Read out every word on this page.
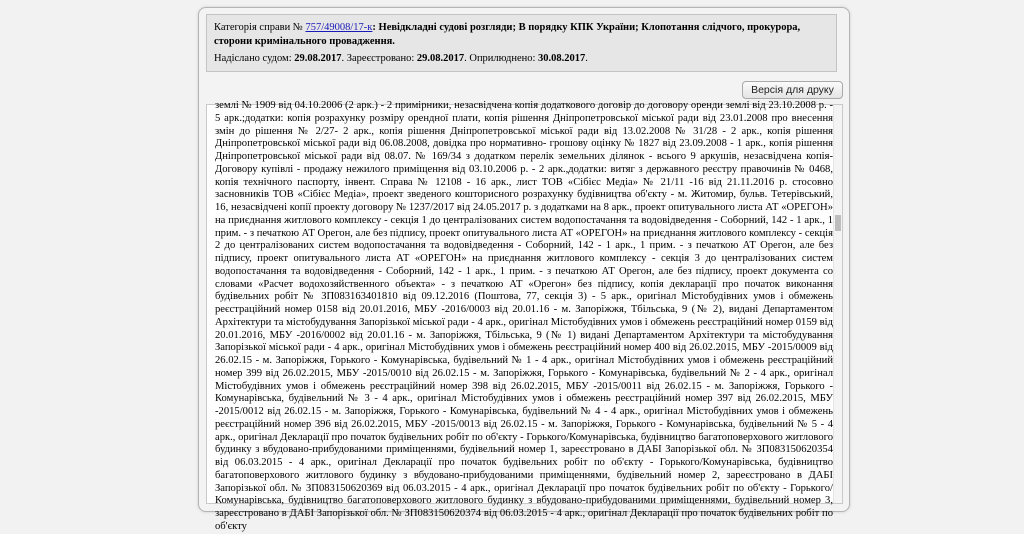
Категорія справи № 757/49008/17-к: Невідкладні судові розгляди; В порядку КПК України; Клопотання слідчого, прокурора, сторони кримінального провадження.
Надіслано судом: 29.08.2017. Зареєстровано: 29.08.2017. Оприлюднено: 30.08.2017.
Версія для друку
землі № 1909 від 04.10.2006 (2 арк.) - 2 примірники, незасвідчена копія додаткового договір до договору оренди землі від 23.10.2008 р. - 5 арк.;додатки: копія розрахунку розміру орендної плати, копія рішення Дніпропетровської міської ради від 23.01.2008 про внесення змін до рішення № 2/27- 2 арк., копія рішення Дніпропетровської міської ради від 13.02.2008 № 31/28 - 2 арк., копія рішення Дніпропетровської міської ради від 06.08.2008, довідка про нормативно- грошову оцінку № 1827 від 23.09.2008 - 1 арк., копія рішення Дніпропетровської міської ради від 08.07. № 169/34 з додатком перелік земельних ділянок - всього 9 аркушів, незасвідчена копія-Договору купівлі - продажу нежилого приміщення від 03.10.2006 р. - 2 арк.,додатки: витяг з державного реєстру правочинів № 0468, копія технічного паспорту, інвент. Справа № 12108 - 16 арк., лист ТОВ «Сібієс Медіа» № 21/11 -16 від 21.11.2016 р. стосовно засновників ТОВ «Сібієс Медіа», проект зведеного кошторисного розрахунку будівництва об'єкту - м. Житомир, бульв. Тетерівський, 16, незасвідчені копії проекту договору № 1237/2017 від 24.05.2017 р. з додатками на 8 арк., проект опитувального листа АТ «ОРЕГОН» на приєднання житлового комплексу - секція 1 до централізованих систем водопостачання та водовідведення - Соборний, 142 - 1 арк., 1 прим. - з печаткою АТ Орегон, але без підпису, проект опитувального листа АТ «ОРЕГОН» на приєднання житлового комплексу - секція 2 до централізованих систем водопостачання та водовідведення - Соборний, 142 - 1 арк., 1 прим. - з печаткою АТ Орегон, але без підпису, проект опитувального листа АТ «ОРЕГОН» на приєднання житлового комплексу - секція 3 до централізованих систем водопостачання та водовідведення - Соборний, 142 - 1 арк., 1 прим. - з печаткою АТ Орегон, але без підпису, проект документа со словами «Расчет водохозяйственного объекта» - з печаткою АТ «Орегон» без підпису, копія декларації про початок виконання будівельних робіт № ЗП083163401810 від 09.12.2016 (Поштова, 77, секція 3) - 5 арк., оригінал Містобудівних умов і обмежень реєстраційний номер 0158 від 20.01.2016, МБУ -2016/0003 від 20.01.16 - м. Запоріжжя, Тбільська, 9 (№ 2), видані Департаментом Архітектури та містобудування Запорізької міської ради - 4 арк., оригінал Містобудівних умов і обмежень реєстраційний номер 0159 від 20.01.2016, МБУ -2016/0002 від 20.01.16 - м. Запоріжжя, Тбільська, 9 (№ 1) видані Департаментом Архітектури та містобудування Запорізької міської ради - 4 арк., оригінал Містобудівних умов і обмежень реєстраційний номер 400 від 26.02.2015, МБУ -2015/0009 від 26.02.15 - м. Запоріжжя, Горького - Комунарівська, будівельний № 1 - 4 арк., оригінал Містобудівних умов і обмежень реєстраційний номер 399 від 26.02.2015, МБУ -2015/0010 від 26.02.15 - м. Запоріжжя, Горького - Комунарівська, будівельний № 2 - 4 арк., оригінал Містобудівних умов і обмежень реєстраційний номер 398 від 26.02.2015, МБУ -2015/0011 від 26.02.15 - м. Запоріжжя, Горького - Комунарівська, будівельний № 3 - 4 арк., оригінал Містобудівних умов і обмежень реєстраційний номер 397 від 26.02.2015, МБУ -2015/0012 від 26.02.15 - м. Запоріжжя, Горького - Комунарівська, будівельний № 4 - 4 арк., оригінал Містобудівних умов і обмежень реєстраційний номер 396 від 26.02.2015, МБУ -2015/0013 від 26.02.15 - м. Запоріжжя, Горького - Комунарівська, будівельний № 5 - 4 арк., оригінал Декларації про початок будівельних робіт по об'єкту - Горького/Комунарівська, будівництво багатоповерхового житлового будинку з вбудовано-прибудованими приміщеннями, будівельний номер 1, зареєстровано в ДАБІ Запорізької обл. № ЗП083150620354 від 06.03.2015 - 4 арк., оригінал Декларації про початок будівельних робіт по об'єкту - Горького/Комунарівська, будівництво багатоповерхового житлового будинку з вбудовано-прибудованими приміщеннями, будівельний номер 2, зареєстровано в ДАБІ Запорізької обл. № ЗП083150620369 від 06.03.2015 - 4 арк., оригінал Декларації про початок будівельних робіт по об'єкту - Горького/Комунарівська, будівництво багатоповерхового житлового будинку з вбудовано-прибудованими приміщеннями, будівельний номер 3, зареєстровано в ДАБІ Запорізької обл. № ЗП083150620374 від 06.03.2015 - 4 арк., оригінал Декларації про початок будівельних робіт по об'єкту
